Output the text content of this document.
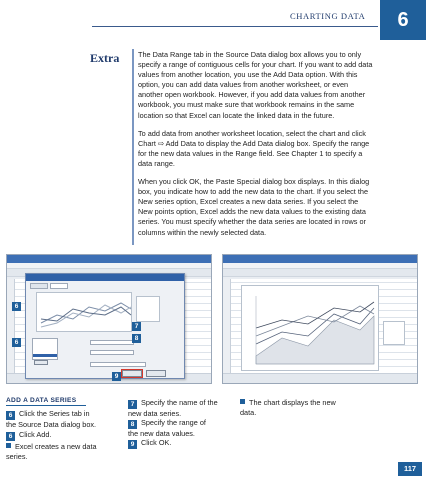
CHARTING DATA	6
Extra	The Data Range tab in the Source Data dialog box allows you to only specify a range of contiguous cells for your chart. If you want to add data values from another location, you use the Add Data option. With this option, you can add data values from another worksheet, or even another open workbook. However, if you add data values from another workbook, you must make sure that workbook remains in the same location so that Excel can locate the linked data in the future.

To add data from another worksheet location, select the chart and click Chart ⇨ Add Data to display the Add Data dialog box. Specify the range for the new data values in the Range field. See Chapter 1 to specify a data range.

When you click OK, the Paste Special dialog box displays. In this dialog box, you indicate how to add the new data to the chart. If you select the New series option, Excel creates a new data series. If you select the New points option, Excel adds the new data values to the existing data series. You must specify whether the data series are located in rows or columns within the newly selected data.

6
6
7
8
9
ADD A DATA SERIES
6 Click the Series tab in the Source Data dialog box.
6 Click Add.
Excel creates a new data series.
7 Specify the name of the new data series.
8 Specify the range of the new data values.
9 Click OK.
The chart displays the new data.
117
